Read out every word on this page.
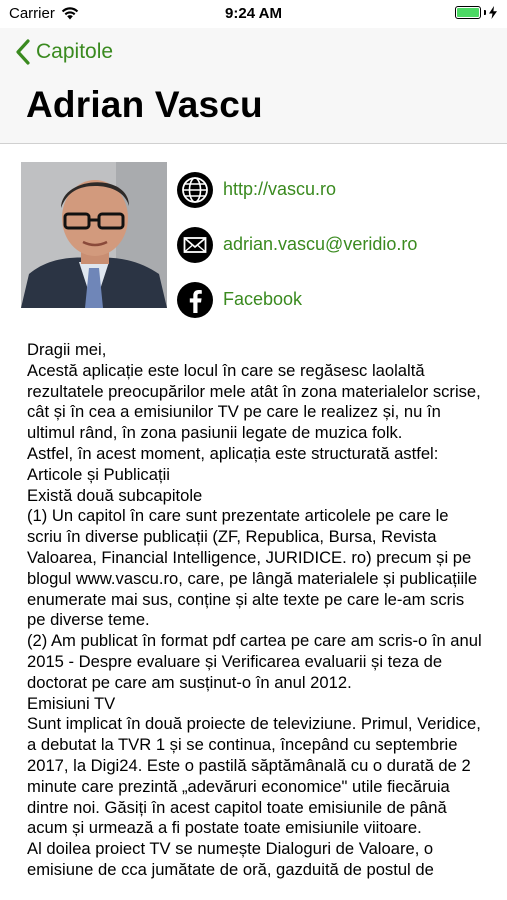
Carrier	9:24 AM
Capitole
Adrian Vascu
http://vascu.ro
adrian.vascu@veridio.ro
Facebook

Dragii mei,

Acestă aplicație este locul în care se regăsesc laolaltă rezultatele preocupărilor mele atât în zona materialelor scrise, cât și în cea a emisiunilor TV pe care le realizez și, nu în ultimul rând, în zona pasiunii legate de muzica folk.

Astfel, în acest moment, aplicația este structurată astfel:

Articole și Publicații

Există două subcapitole

(1) Un capitol în care sunt prezentate articolele pe care le scriu în diverse publicații (ZF, Republica, Bursa, Revista Valoarea, Financial Intelligence, JURIDICE. ro) precum și pe blogul www.vascu.ro, care, pe lângă materialele și publicațiile enumerate mai sus, conține și alte texte pe care le-am scris pe diverse teme.

(2) Am publicat în format pdf cartea pe care am scris-o în anul 2015 - Despre evaluare și Verificarea evaluarii și teza de doctorat pe care am susținut-o în anul 2012.

Emisiuni TV

Sunt implicat în două proiecte de televiziune. Primul, Veridice, a debutat la TVR 1 și se continua, începând cu septembrie 2017, la Digi24. Este o pastilă săptămânală cu o durată de 2 minute care prezintă „adevăruri economice" utile fiecăruia dintre noi. Găsiți în acest capitol toate emisiunile de până acum și urmează a fi postate toate emisiunile viitoare.

Al doilea proiect TV se numește Dialoguri de Valoare, o emisiune de cca jumătate de oră, gazduită de postul de
